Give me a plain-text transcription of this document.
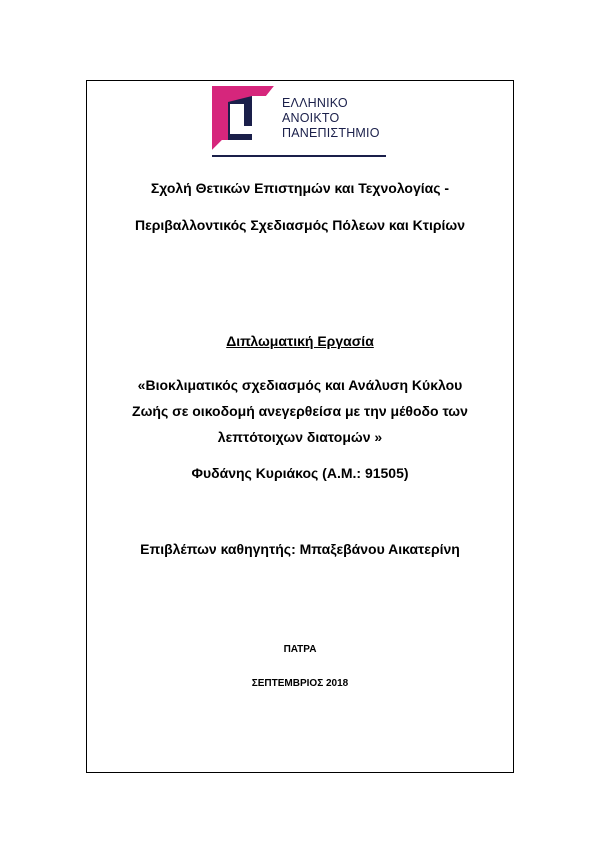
ΕΛΛΗΝΙΚΟ
ΑΝΟΙΚΤΟ
ΠΑΝΕΠΙΣΤΗΜΙΟ
Σχολή Θετικών Επιστημών και Τεχνολογίας -
Περιβαλλοντικός Σχεδιασμός Πόλεων και Κτιρίων
Διπλωματική Εργασία
«Βιοκλιματικός σχεδιασμός και Ανάλυση Κύκλου
Ζωής σε οικοδομή ανεγερθείσα με την μέθοδο των
λεπτότοιχων διατομών »
Φυδάνης Κυριάκος (Α.Μ.: 91505)
Επιβλέπων καθηγητής: Μπαξεβάνου Αικατερίνη
ΠΑΤΡΑ
ΣΕΠΤΕΜΒΡΙΟΣ 2018
